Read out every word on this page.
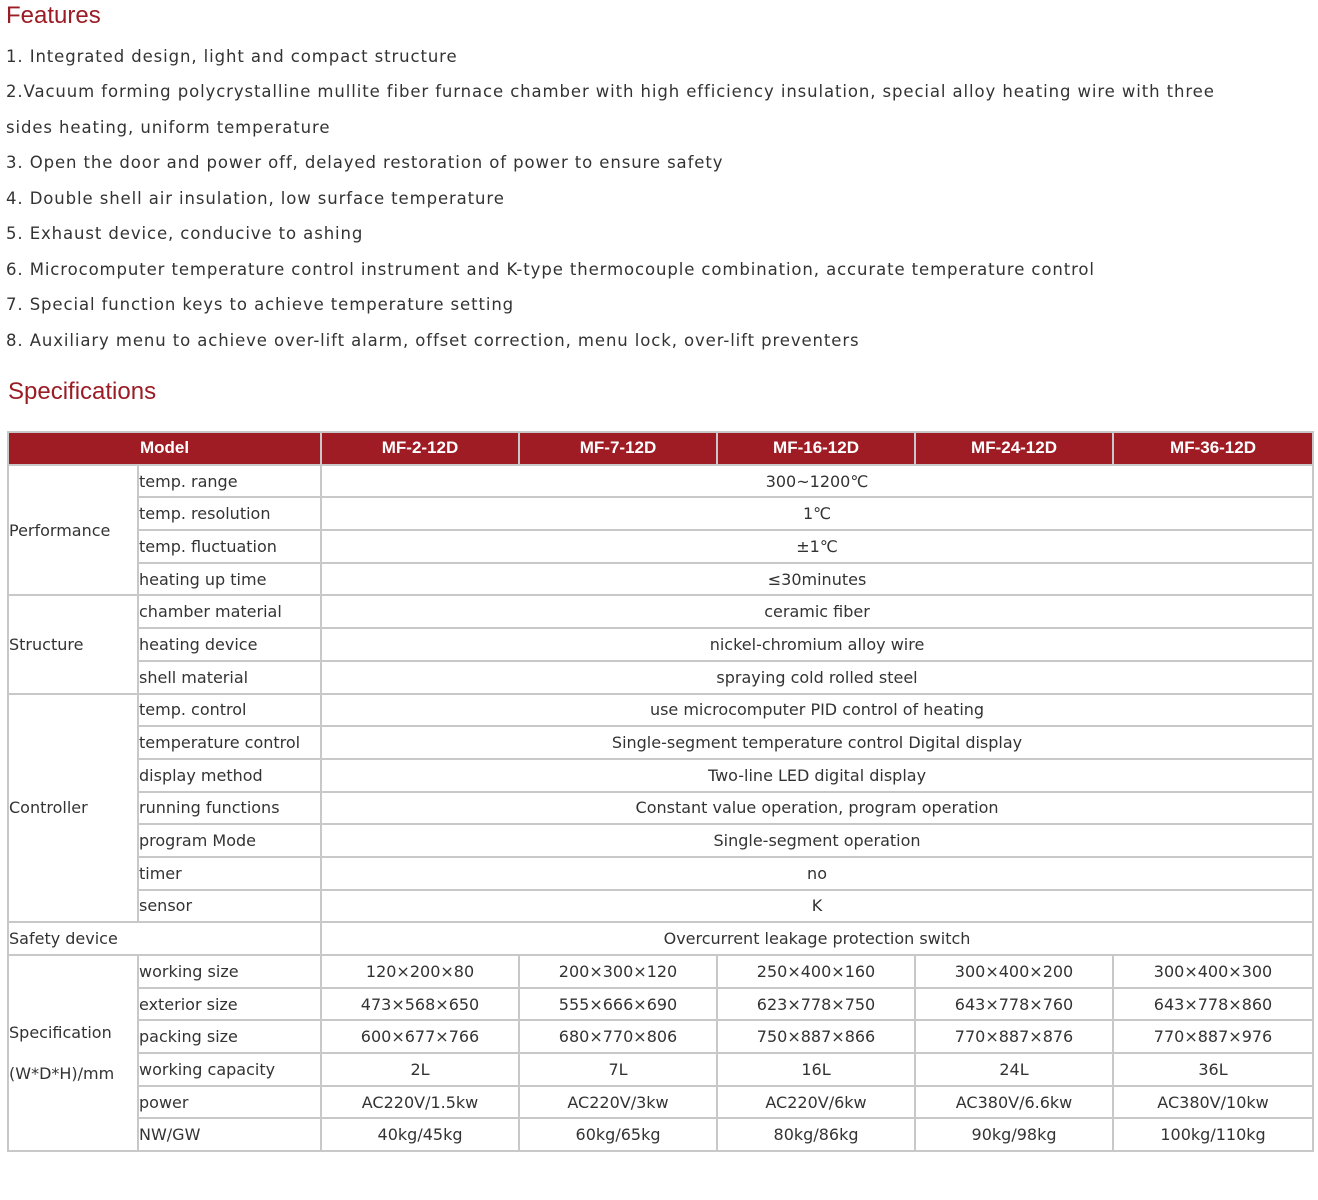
Features
1. Integrated design, light and compact structure
2.Vacuum forming polycrystalline mullite fiber furnace chamber with high efficiency insulation, special alloy heating wire with three
sides heating, uniform temperature
3. Open the door and power off, delayed restoration of power to ensure safety
4. Double shell air insulation, low surface temperature
5. Exhaust device, conducive to ashing
6. Microcomputer temperature control instrument and K-type thermocouple combination, accurate temperature control
7. Special function keys to achieve temperature setting
8. Auxiliary menu to achieve over-lift alarm, offset correction, menu lock, over-lift preventers
Specifications
Model		MF-2-12D	MF-7-12D	MF-16-12D	MF-24-12D	MF-36-12D
Performance	temp. range	300~1200℃				
	temp. resolution	1℃				
	temp. fluctuation	±1℃				
	heating up time	≤30minutes				
Structure	chamber material	ceramic fiber				
	heating device	nickel-chromium alloy wire				
	shell material	spraying cold rolled steel				
Controller	temp. control	use microcomputer PID control of heating				
	temperature control	Single-segment temperature control Digital display				
	display method	Two-line LED digital display				
	running functions	Constant value operation, program operation				
	program Mode	Single-segment operation				
	timer	no				
	sensor	K				
Safety device		Overcurrent leakage protection switch				

Specification
(W*D*H)/mm	working size	120×200×80	200×300×120	250×400×160	300×400×200	300×400×300
	exterior size	473×568×650	555×666×690	623×778×750	643×778×760	643×778×860
	packing size	600×677×766	680×770×806	750×887×866	770×887×876	770×887×976
	working capacity	2L	7L	16L	24L	36L
	power	AC220V/1.5kw	AC220V/3kw	AC220V/6kw	AC380V/6.6kw	AC380V/10kw
	NW/GW	40kg/45kg	60kg/65kg	80kg/86kg	90kg/98kg	100kg/110kg
